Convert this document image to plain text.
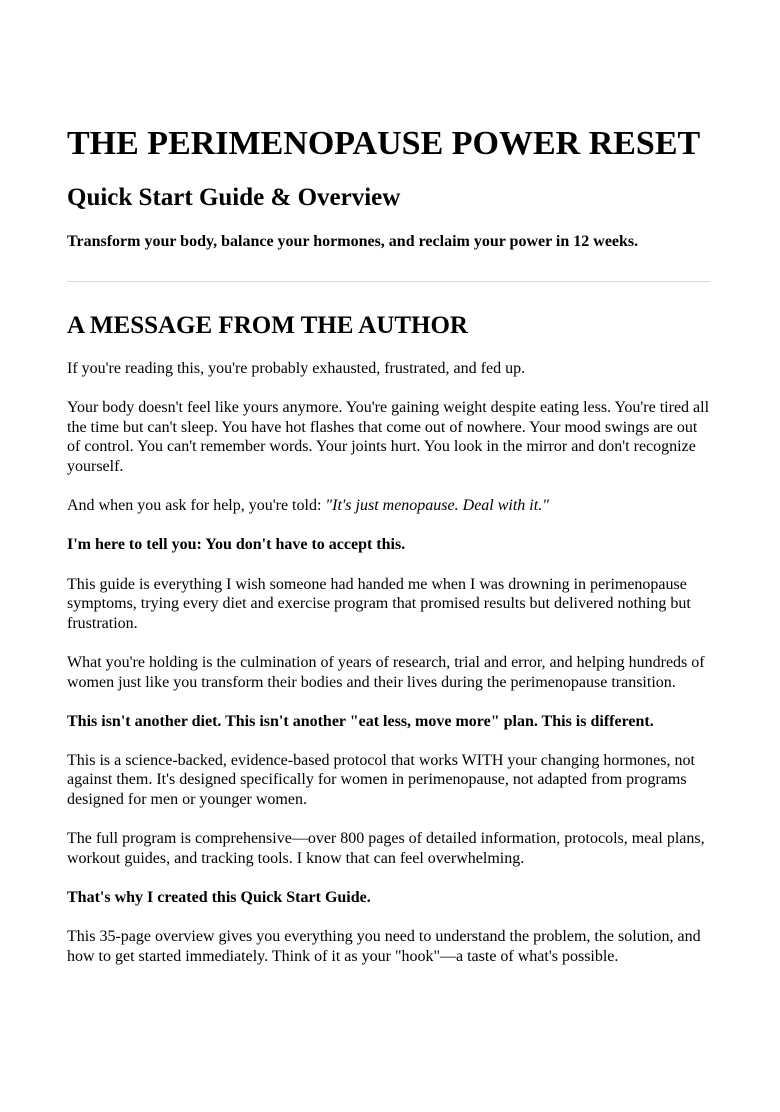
THE PERIMENOPAUSE POWER RESET
Quick Start Guide & Overview

Transform your body, balance your hormones, and reclaim your power in 12 weeks.

A MESSAGE FROM THE AUTHOR

If you're reading this, you're probably exhausted, frustrated, and fed up.

Your body doesn't feel like yours anymore. You're gaining weight despite eating less. You're tired all the time but can't sleep. You have hot flashes that come out of nowhere. Your mood swings are out of control. You can't remember words. Your joints hurt. You look in the mirror and don't recognize yourself.

And when you ask for help, you're told: "It's just menopause. Deal with it."

I'm here to tell you: You don't have to accept this.

This guide is everything I wish someone had handed me when I was drowning in perimenopause symptoms, trying every diet and exercise program that promised results but delivered nothing but frustration.

What you're holding is the culmination of years of research, trial and error, and helping hundreds of women just like you transform their bodies and their lives during the perimenopause transition.

This isn't another diet. This isn't another "eat less, move more" plan. This is different.

This is a science-backed, evidence-based protocol that works WITH your changing hormones, not against them. It's designed specifically for women in perimenopause, not adapted from programs designed for men or younger women.

The full program is comprehensive—over 800 pages of detailed information, protocols, meal plans, workout guides, and tracking tools. I know that can feel overwhelming.

That's why I created this Quick Start Guide.

This 35-page overview gives you everything you need to understand the problem, the solution, and how to get started immediately. Think of it as your "hook"—a taste of what's possible.
